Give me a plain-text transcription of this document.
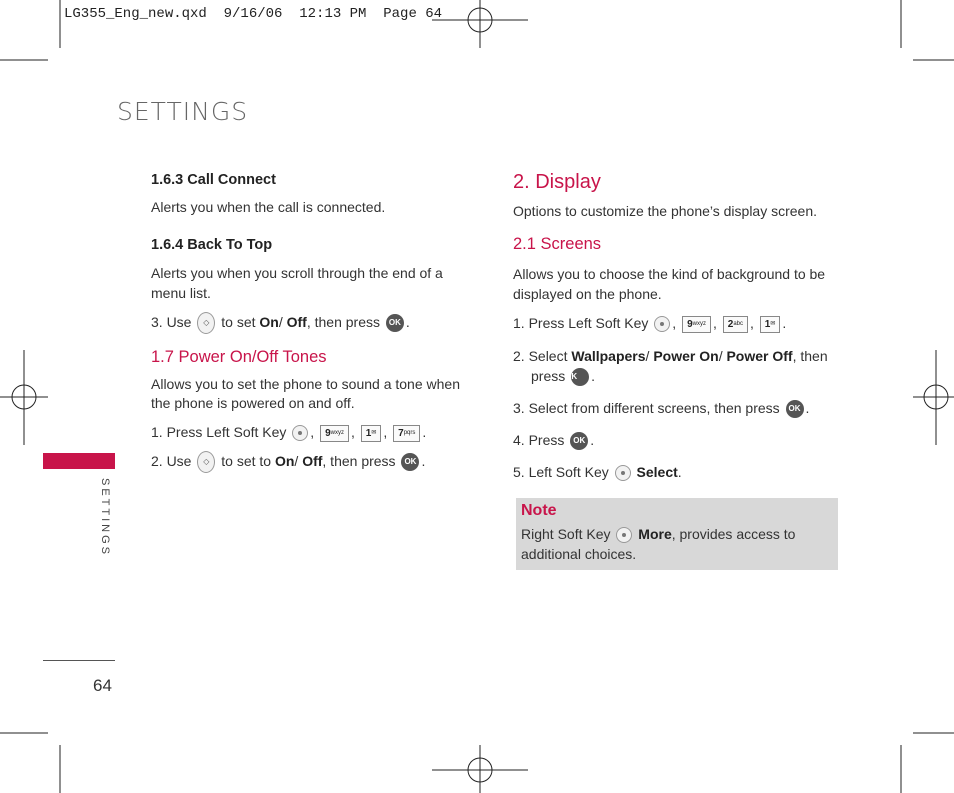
LG355_Eng_new.qxd  9/16/06  12:13 PM  Page 64
SETTINGS
SETTINGS
64
1.6.3 Call Connect

Alerts you when the call is connected.

1.6.4 Back To Top

Alerts you when you scroll through the end of a menu list.

3. Use ◇ to set On/ Off, then press OK .
1.7 Power On/Off Tones

Allows you to set the phone to sound a tone when the phone is powered on and off.

1. Press Left Soft Key , $9^{wxyz}$ , 1✉ , $7^{pqrs}$ .
2. Use ◇ to set to On/ Off, then press OK .
2. Display

Options to customize the phone’s display screen.

2.1 Screens

Allows you to choose the kind of background to be displayed on the phone.

1. Press Left Soft Key , $9^{wxyz}$ , $2^{abc}$ , 1✉ .
2. Select Wallpapers/ Power On/ Power Off, then press OK .
3. Select from different screens, then press OK .
4. Press OK .
5. Left Soft Key Select.
Note

Right Soft Key More, provides access to additional choices.
